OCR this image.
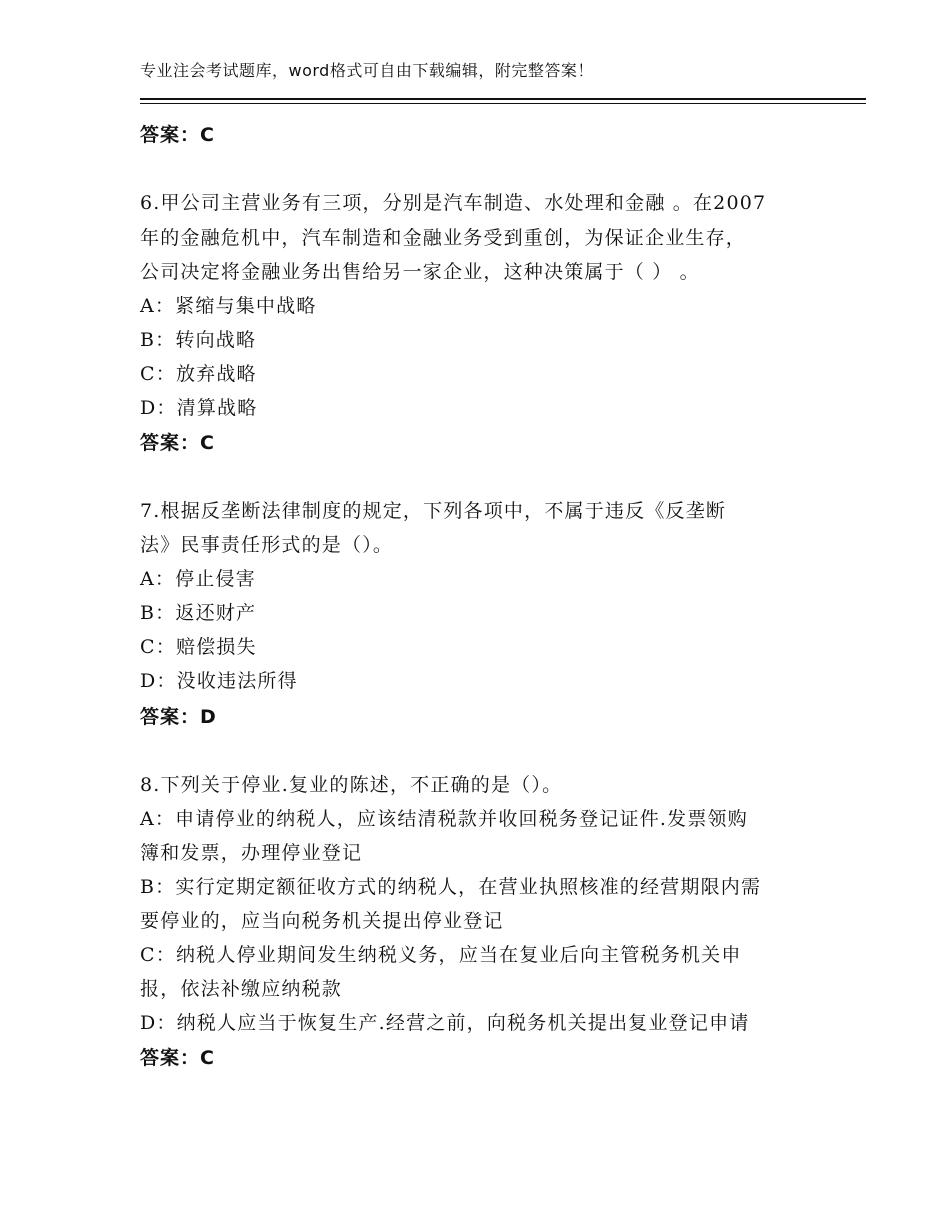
专业注会考试题库，word格式可自由下载编辑，附完整答案！
答案：C
6.甲公司主营业务有三项，分别是汽车制造、水处理和金融 。在2007
年的金融危机中，汽车制造和金融业务受到重创，为保证企业生存，
公司决定将金融业务出售给另一家企业，这种决策属于（ ） 。
A：紧缩与集中战略
B：转向战略
C：放弃战略
D：清算战略
答案：C
7.根据反垄断法律制度的规定，下列各项中，不属于违反《反垄断
法》民事责任形式的是（）。
A：停止侵害
B：返还财产
C：赔偿损失
D：没收违法所得
答案：D
8.下列关于停业.复业的陈述，不正确的是（）。
A：申请停业的纳税人，应该结清税款并收回税务登记证件.发票领购
簿和发票，办理停业登记
B：实行定期定额征收方式的纳税人，在营业执照核准的经营期限内需
要停业的，应当向税务机关提出停业登记
C：纳税人停业期间发生纳税义务，应当在复业后向主管税务机关申
报，依法补缴应纳税款
D：纳税人应当于恢复生产.经营之前，向税务机关提出复业登记申请
答案：C
